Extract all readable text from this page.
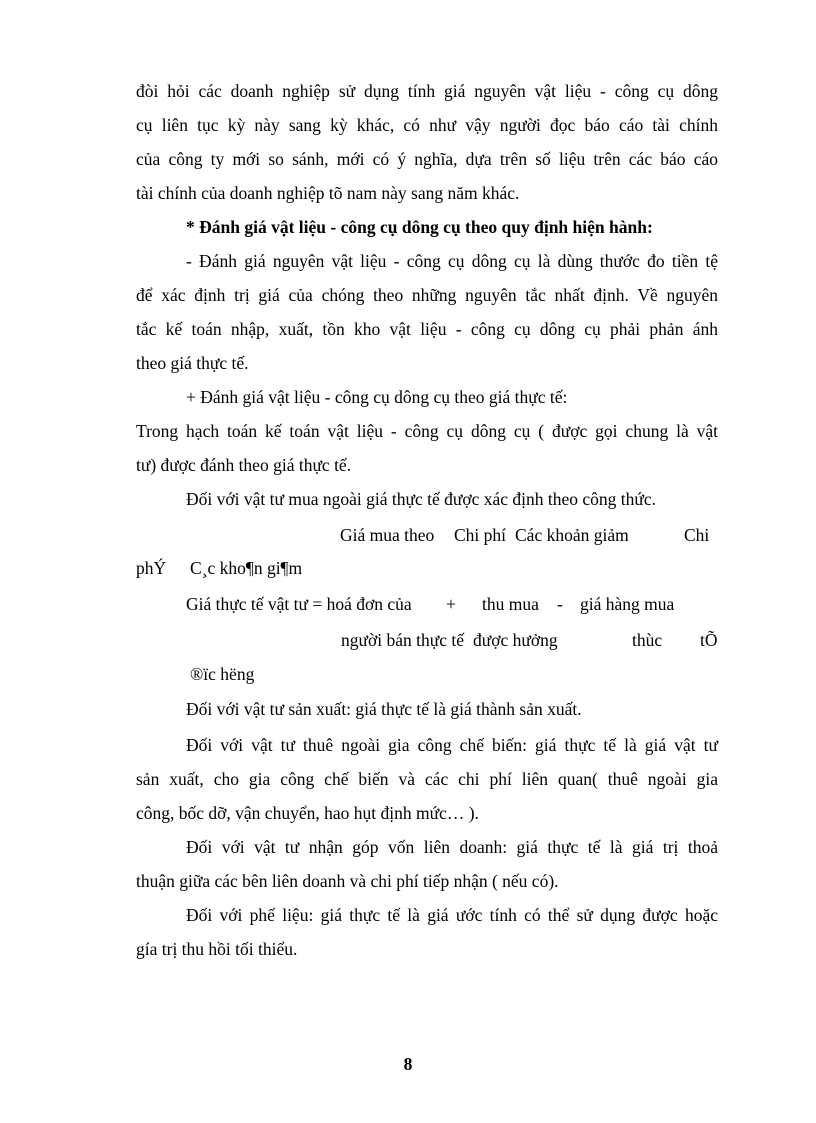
đòi hỏi các doanh nghiệp sử dụng tính giá nguyên vật liệu - công cụ dông
cụ liên tục kỳ này sang kỳ khác, có như vậy người đọc báo cáo tài chính
của công ty mới so sánh, mới có ý nghĩa, dựa trên số liệu trên các báo cáo
tài chính của doanh nghiệp tõ nam này sang năm khác.
* Đánh giá vật liệu - công cụ dông cụ theo quy định hiện hành:
- Đánh giá nguyên vật liệu - công cụ dông cụ là dùng thước đo tiền tệ
để xác định trị giá của chóng theo những nguyên tắc nhất định. Về nguyên
tắc kế toán nhập, xuất, tồn kho vật liệu - công cụ dông cụ phải phản ánh
theo giá thực tế.
+ Đánh giá vật liệu - công cụ dông cụ theo giá thực tế:
Trong hạch toán kế toán vật liệu - công cụ dông cụ ( được gọi chung là vật
tư) được đánh theo giá thực tế.
Đối với vật tư mua ngoài giá thực tế được xác định theo công thức.
Giá mua theo Chi phí Các khoản giảm	Chi
phÝ C¸c kho¶n gi¶m
Giá thực tế vật tư = hoá đơn của + thu mua - giá hàng mua
người bán thực tế được hưởng	thùc tÕ
®ïc hëng
Đối với vật tư sản xuất: giá thực tế là giá thành sản xuất.
Đối với vật tư thuê ngoài gia công chế biến: giá thực tế là giá vật tư
sản xuất, cho gia công chế biến và các chi phí liên quan( thuê ngoài gia
công, bốc dỡ, vận chuyển, hao hụt định mức… ).
Đối với vật tư nhận góp vốn liên doanh: giá thực tế là giá trị thoả
thuận giữa các bên liên doanh và chi phí tiếp nhận ( nếu có).
Đối với phế liệu: giá thực tế là giá ước tính có thể sử dụng được hoặc
gía trị thu hồi tối thiểu.
8
